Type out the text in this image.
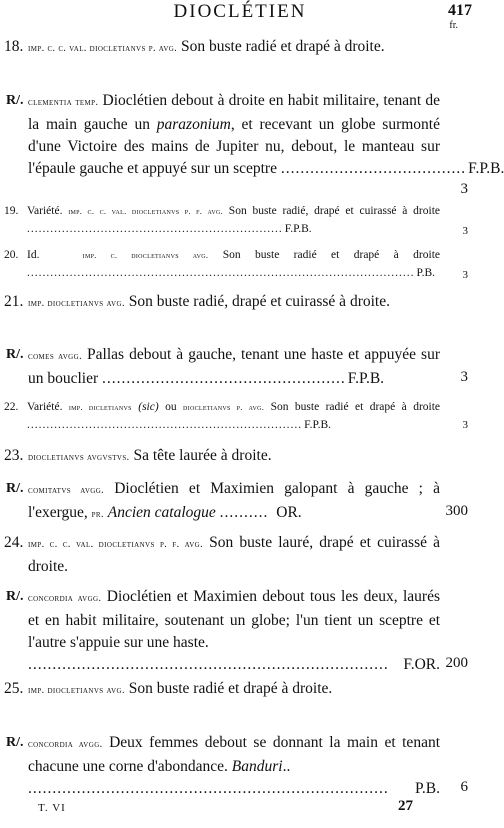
DIOCLÉTIEN	417
fr.
18. imp. c. c. val. diocletianvs p. avg. Son buste radié et drapé à droite.
R/. clementia temp. Dioclétien debout à droite en habit militaire, tenant de la main gauche un parazonium, et recevant un globe surmonté d'une Victoire des mains de Jupiter nu, debout, le manteau sur l'épaule gauche et appuyé sur un sceptre ...................................... F.P.B.
3
19. Variété. imp. c. c. val. diocletianvs p. f. avg. Son buste radié, drapé et cuirassé à droite
.................................................................. F.P.B.	3
20. Id.	imp. c. diocletianvs avg. Son buste radié et drapé à droite
.................................................................................................... P.B. 3
21. imp. diocletianvs avg. Son buste radié, drapé et cuirassé à droite.
R/. comes avgg. Pallas debout à gauche, tenant une haste et appuyée sur un bouclier .................................................. F.P.B.	3
22. Variété. imp. dicletianvs (sic) ou diocletianvs p. avg. Son buste radié et drapé à droite
....................................................................... F.P.B.	3
23. diocletianvs avgvstvs. Sa tête laurée à droite.
R/. comitatvs avgg. Dioclétien et Maximien galopant à gauche ; à l'exergue, pr. Ancien catalogue .......... OR.	300
24. imp. c. c. val. diocletianvs p. f. avg. Son buste lauré, drapé et cuirassé à droite.
R/. concordia avgg. Dioclétien et Maximien debout tous les deux, laurés et en habit militaire, soutenant un globe; l'un tient un sceptre et l'autre s'appuie sur une haste.
.......................................................................... F.OR. 200
25. imp. diocletianvs avg. Son buste radié et drapé à droite.
R/. concordia avgg. Deux femmes debout se donnant la main et tenant chacune une corne d'abondance. Banduri..
..........................................................................	P.B. 6
T. VI	27
